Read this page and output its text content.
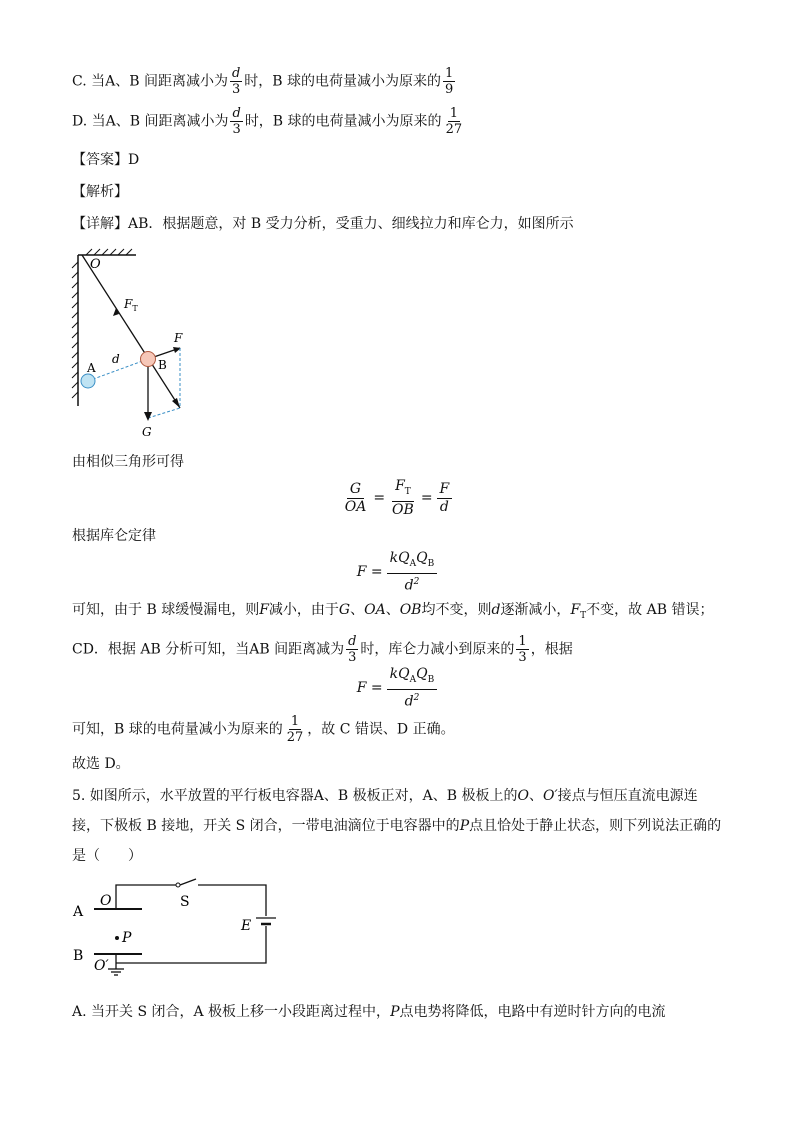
C. 当A、B 间距离减小为 $\frac{d}{3}$ 时，B 球的电荷量减小为原来的 $\frac{1}{9}$
D. 当A、B 间距离减小为 $\frac{d}{3}$ 时，B 球的电荷量减小为原来的 $\frac{1}{27}$
【答案】D
【解析】
【详解】AB．根据题意，对 B 受力分析，受重力、细线拉力和库仑力，如图所示
O
$F_T$
F
A
d	B
G
由相似三角形可得
$\frac{G}{OA} = \frac{F_T}{OB} = \frac{F}{d}$
根据库仑定律
$F = \frac{kQ_AQ_B}{d^2}$
可知，由于 B 球缓慢漏电，则F减小，由于G、OA、OB均不变，则d逐渐减小，$F_T$不变，故 AB 错误；
CD．根据 AB 分析可知，当AB 间距离减为 $\frac{d}{3}$ 时，库仑力减小到原来的 $\frac{1}{3}$ ，根据
$F = \frac{kQ_AQ_B}{d^2}$
可知，B 球的电荷量减小为原来的 $\frac{1}{27}$ ，故 C 错误、D 正确。
故选 D。
5. 如图所示，水平放置的平行板电容器A、B 极板正对，A、B 极板上的O、O′接点与恒压直流电源连
接，下极板 B 接地，开关 S 闭合，一带电油滴位于电容器中的P点且恰处于静止状态，则下列说法正确的
是（　　）
A
O	S
E
P
B
O′
A. 当开关 S 闭合，A 极板上移一小段距离过程中，P点电势将降低，电路中有逆时针方向的电流
